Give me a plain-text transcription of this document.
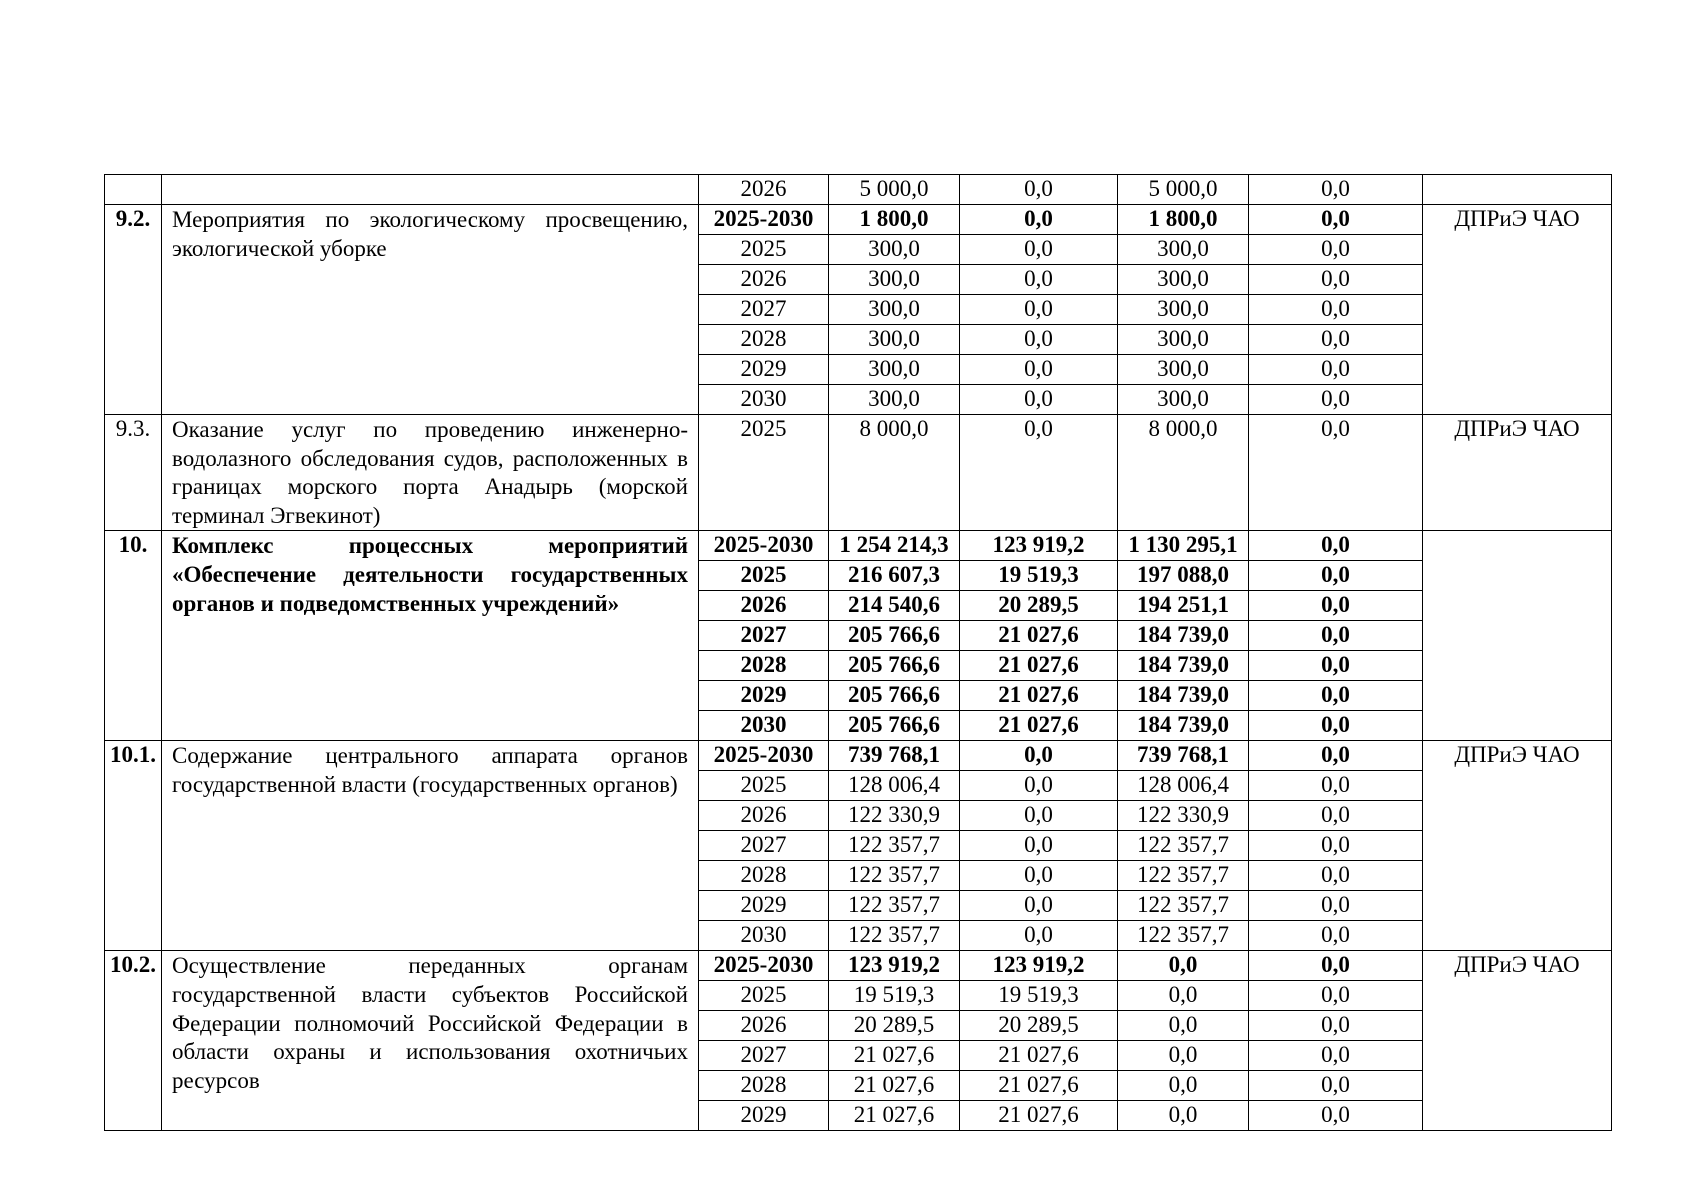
		2026	5 000,0	0,0	5 000,0	0,0	
9.2.	Мероприятия по экологическому просвещению, экологической уборке	2025-2030	1 800,0	0,0	1 800,0	0,0	ДПРиЭ ЧАО
		2025	300,0	0,0	300,0	0,0	
		2026	300,0	0,0	300,0	0,0	
		2027	300,0	0,0	300,0	0,0	
		2028	300,0	0,0	300,0	0,0	
		2029	300,0	0,0	300,0	0,0	
		2030	300,0	0,0	300,0	0,0	
9.3.	Оказание услуг по проведению инженерно-водолазного обследования судов, расположенных в границах морского порта Анадырь (морской терминал Эгвекинот)	2025	8 000,0	0,0	8 000,0	0,0	ДПРиЭ ЧАО
10.	Комплекс процессных мероприятий «Обеспечение деятельности государственных органов и подведомственных учреждений»	2025-2030	1 254 214,3	123 919,2	1 130 295,1	0,0	
		2025	216 607,3	19 519,3	197 088,0	0,0	
		2026	214 540,6	20 289,5	194 251,1	0,0	
		2027	205 766,6	21 027,6	184 739,0	0,0	
		2028	205 766,6	21 027,6	184 739,0	0,0	
		2029	205 766,6	21 027,6	184 739,0	0,0	
		2030	205 766,6	21 027,6	184 739,0	0,0	
10.1.	Содержание центрального аппарата органов государственной власти (государственных органов)	2025-2030	739 768,1	0,0	739 768,1	0,0	ДПРиЭ ЧАО
		2025	128 006,4	0,0	128 006,4	0,0	
		2026	122 330,9	0,0	122 330,9	0,0	
		2027	122 357,7	0,0	122 357,7	0,0	
		2028	122 357,7	0,0	122 357,7	0,0	
		2029	122 357,7	0,0	122 357,7	0,0	
		2030	122 357,7	0,0	122 357,7	0,0	
10.2.	Осуществление переданных органам государственной власти субъектов Российской Федерации полномочий Российской Федерации в области охраны и использования охотничьих ресурсов	2025-2030	123 919,2	123 919,2	0,0	0,0	ДПРиЭ ЧАО
		2025	19 519,3	19 519,3	0,0	0,0	
		2026	20 289,5	20 289,5	0,0	0,0	
		2027	21 027,6	21 027,6	0,0	0,0	
		2028	21 027,6	21 027,6	0,0	0,0	
		2029	21 027,6	21 027,6	0,0	0,0	
